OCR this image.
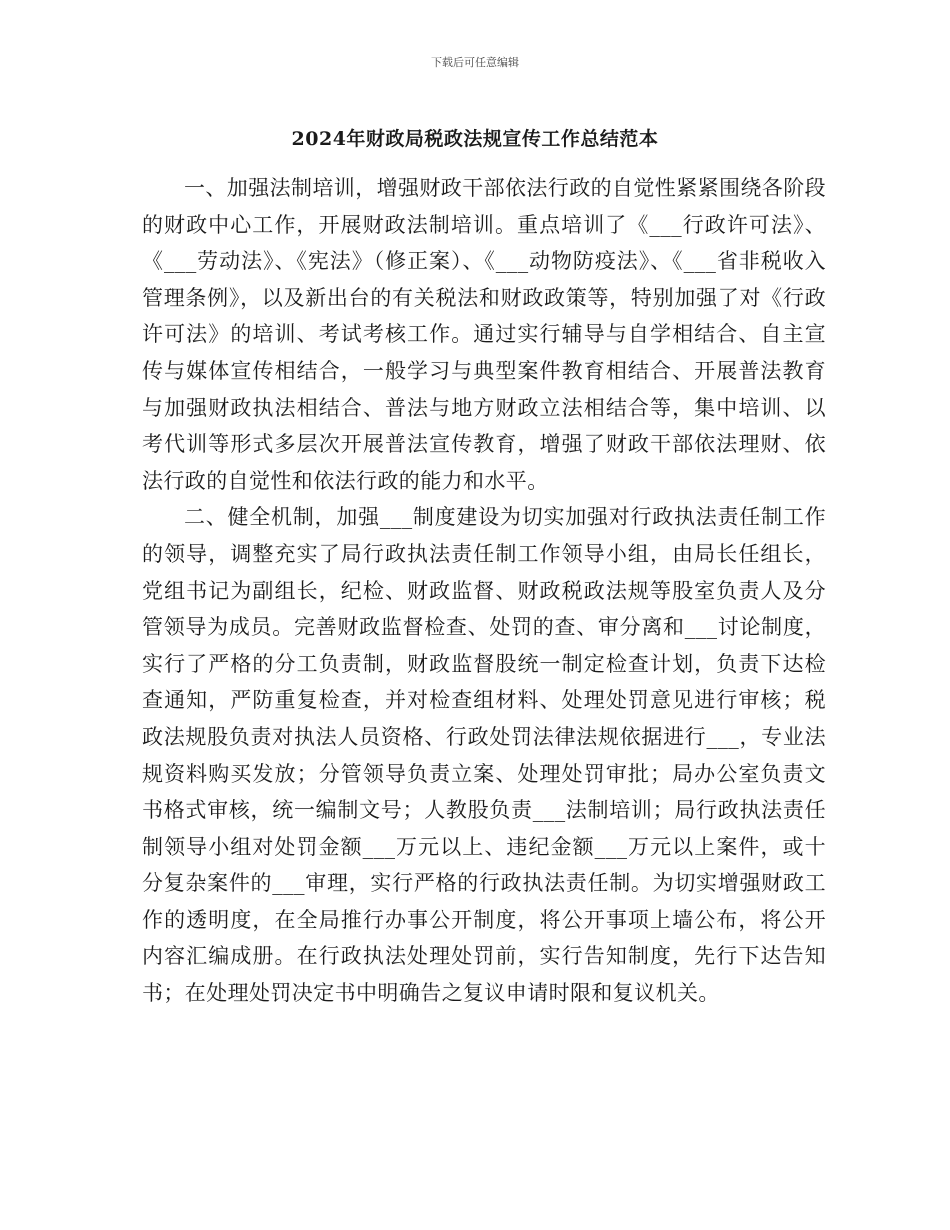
下载后可任意编辑
2024年财政局税政法规宣传工作总结范本

一、加强法制培训，增强财政干部依法行政的自觉性紧紧围绕各阶段的财政中心工作，开展财政法制培训。重点培训了《___行政许可法》、《___劳动法》、《宪法》（修正案）、《___动物防疫法》、《___省非税收入管理条例》，以及新出台的有关税法和财政政策等，特别加强了对《行政许可法》的培训、考试考核工作。通过实行辅导与自学相结合、自主宣传与媒体宣传相结合，一般学习与典型案件教育相结合、开展普法教育与加强财政执法相结合、普法与地方财政立法相结合等，集中培训、以考代训等形式多层次开展普法宣传教育，增强了财政干部依法理财、依法行政的自觉性和依法行政的能力和水平。

二、健全机制，加强___制度建设为切实加强对行政执法责任制工作的领导，调整充实了局行政执法责任制工作领导小组，由局长任组长，党组书记为副组长，纪检、财政监督、财政税政法规等股室负责人及分管领导为成员。完善财政监督检查、处罚的查、审分离和___讨论制度，实行了严格的分工负责制，财政监督股统一制定检查计划，负责下达检查通知，严防重复检查，并对检查组材料、处理处罚意见进行审核；税政法规股负责对执法人员资格、行政处罚法律法规依据进行___，专业法规资料购买发放；分管领导负责立案、处理处罚审批；局办公室负责文书格式审核，统一编制文号；人教股负责___法制培训；局行政执法责任制领导小组对处罚金额___万元以上、违纪金额___万元以上案件，或十分复杂案件的___审理，实行严格的行政执法责任制。为切实增强财政工作的透明度，在全局推行办事公开制度，将公开事项上墙公布，将公开内容汇编成册。在行政执法处理处罚前，实行告知制度，先行下达告知书；在处理处罚决定书中明确告之复议申请时限和复议机关。
